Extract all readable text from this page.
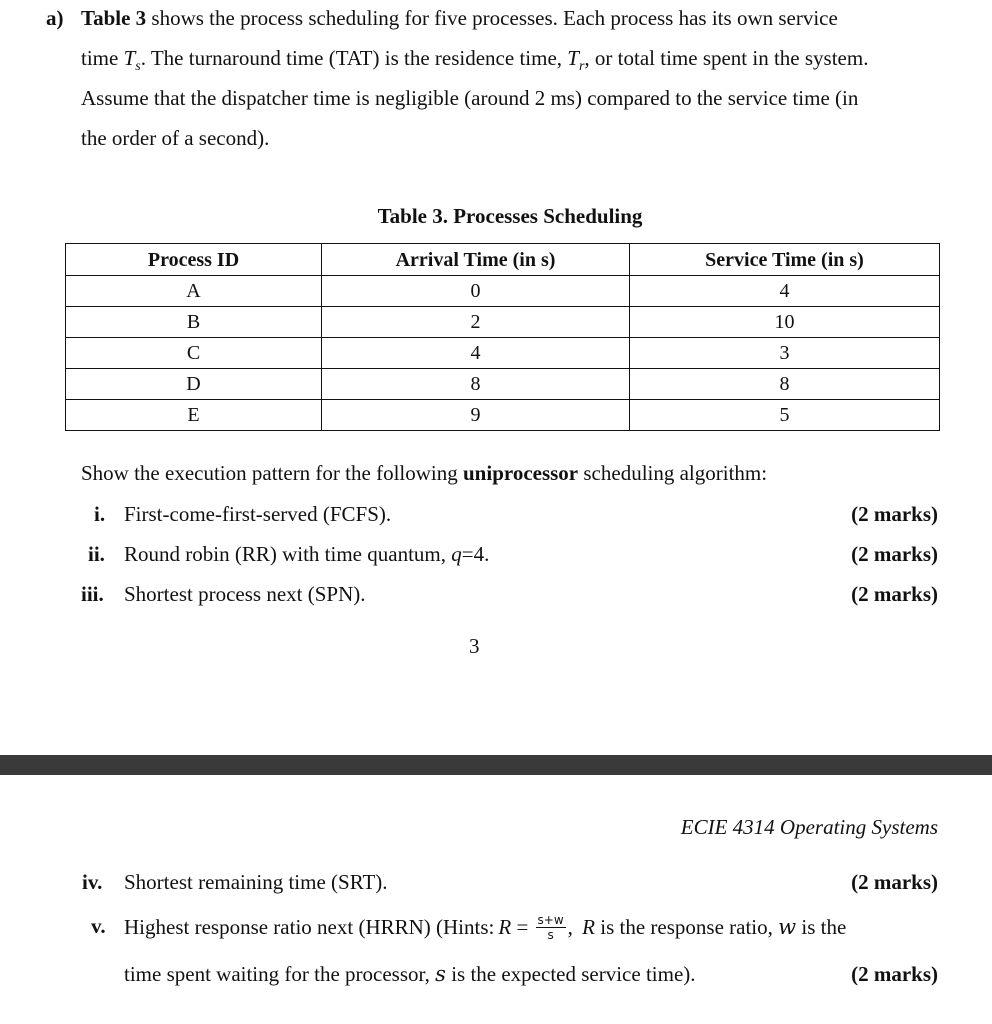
a) Table 3 shows the process scheduling for five processes. Each process has its own service
time $T_s$. The turnaround time (TAT) is the residence time, $T_r$, or total time spent in the system.
Assume that the dispatcher time is negligible (around 2 ms) compared to the service time (in
the order of a second).
Table 3. Processes Scheduling
Process ID	Arrival Time (in s)	Service Time (in s)
A	0	4
B	2	10
C	4	3
D	8	8
E	9	5
Show the execution pattern for the following uniprocessor scheduling algorithm:
i. First-come-first-served (FCFS).	(2 marks)
ii. Round robin (RR) with time quantum, q=4.	(2 marks)
iii. Shortest process next (SPN).	(2 marks)
3
ECIE 4314 Operating Systems
iv. Shortest remaining time (SRT).	(2 marks)
v. Highest response ratio next (HRRN) (Hints: $R = \frac{s+w}{s}$ , R is the response ratio, w is the
time spent waiting for the processor, s is the expected service time).	(2 marks)
